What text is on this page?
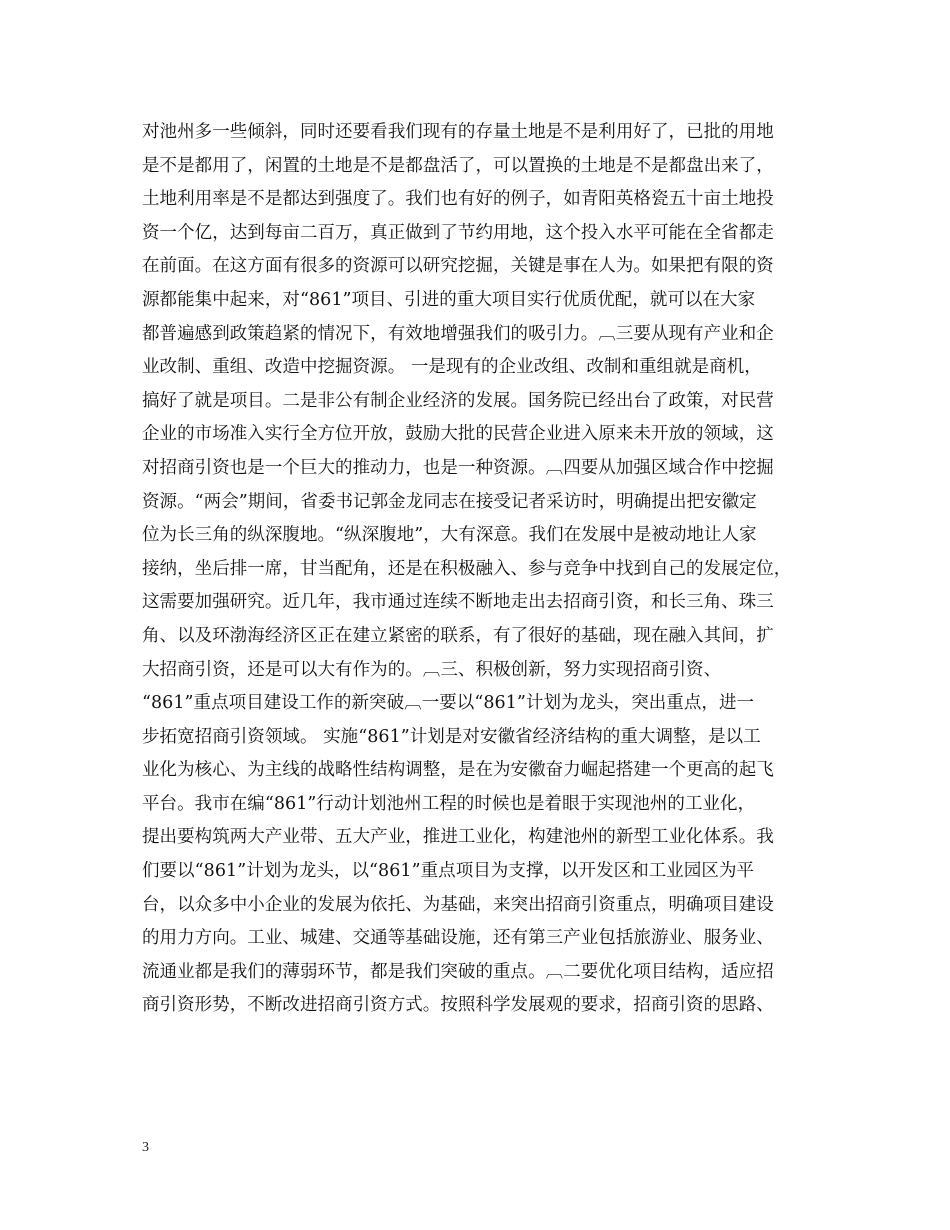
对池州多一些倾斜，同时还要看我们现有的存量土地是不是利用好了，已批的用地
是不是都用了，闲置的土地是不是都盘活了，可以置换的土地是不是都盘出来了，
土地利用率是不是都达到强度了。我们也有好的例子，如青阳英格瓷五十亩土地投
资一个亿，达到每亩二百万，真正做到了节约用地，这个投入水平可能在全省都走
在前面。在这方面有很多的资源可以研究挖掘，关键是事在人为。如果把有限的资
源都能集中起来，对“861”项目、引进的重大项目实行优质优配，就可以在大家
都普遍感到政策趋紧的情况下，有效地增强我们的吸引力。︹三要从现有产业和企
业改制、重组、改造中挖掘资源。 一是现有的企业改组、改制和重组就是商机，
搞好了就是项目。二是非公有制企业经济的发展。国务院已经出台了政策，对民营
企业的市场准入实行全方位开放，鼓励大批的民营企业进入原来未开放的领域，这
对招商引资也是一个巨大的推动力，也是一种资源。︹四要从加强区域合作中挖掘
资源。“两会”期间，省委书记郭金龙同志在接受记者采访时，明确提出把安徽定
位为长三角的纵深腹地。“纵深腹地”，大有深意。我们在发展中是被动地让人家
接纳，坐后排一席，甘当配角，还是在积极融入、参与竞争中找到自己的发展定位，
这需要加强研究。近几年，我市通过连续不断地走出去招商引资，和长三角、珠三
角、以及环渤海经济区正在建立紧密的联系，有了很好的基础，现在融入其间，扩
大招商引资，还是可以大有作为的。︹三、积极创新，努力实现招商引资、
“861”重点项目建设工作的新突破︹一要以“861”计划为龙头，突出重点，进一
步拓宽招商引资领域。 实施“861”计划是对安徽省经济结构的重大调整，是以工
业化为核心、为主线的战略性结构调整，是在为安徽奋力崛起搭建一个更高的起飞
平台。我市在编“861”行动计划池州工程的时候也是着眼于实现池州的工业化，
提出要构筑两大产业带、五大产业，推进工业化，构建池州的新型工业化体系。我
们要以“861”计划为龙头，以“861”重点项目为支撑，以开发区和工业园区为平
台，以众多中小企业的发展为依托、为基础，来突出招商引资重点，明确项目建设
的用力方向。工业、城建、交通等基础设施，还有第三产业包括旅游业、服务业、
流通业都是我们的薄弱环节，都是我们突破的重点。︹二要优化项目结构，适应招
商引资形势，不断改进招商引资方式。按照科学发展观的要求，招商引资的思路、
3
